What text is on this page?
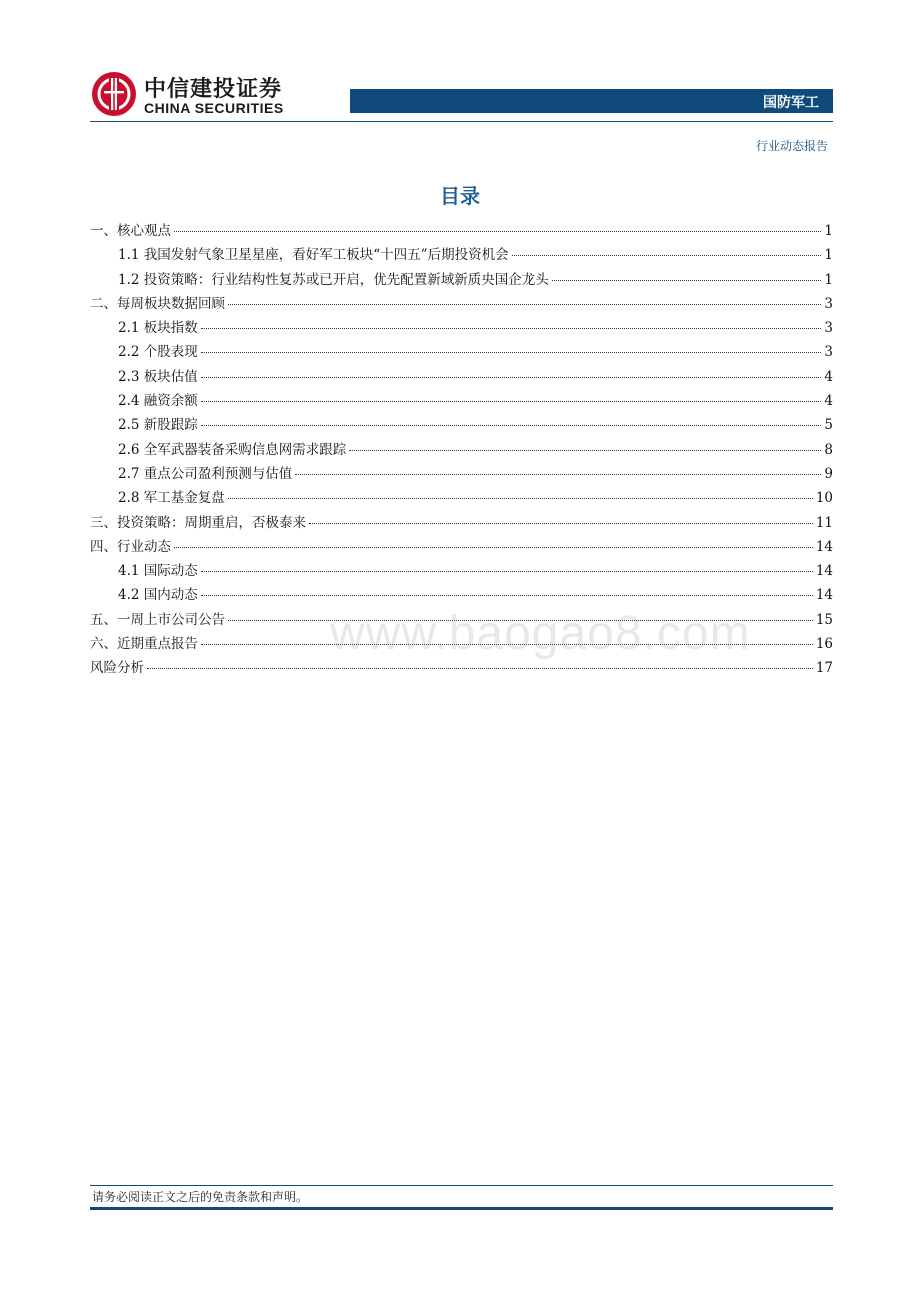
中信建投证券
CHINA SECURITIES	国防军工
行业动态报告
目录
一、核心观点	1
1.1 我国发射气象卫星星座，看好军工板块“十四五”后期投资机会	1
1.2 投资策略：行业结构性复苏或已开启，优先配置新域新质央国企龙头	1
二、每周板块数据回顾	3
2.1 板块指数	3
2.2 个股表现	3
2.3 板块估值	4
2.4 融资余额	4
2.5 新股跟踪	5
2.6 全军武器装备采购信息网需求跟踪	8
2.7 重点公司盈利预测与估值	9
2.8 军工基金复盘	10
三、投资策略：周期重启，否极泰来	11
四、行业动态	14
4.1 国际动态	14
4.2 国内动态	14
五、一周上市公司公告	15
六、近期重点报告	16
风险分析	17
www.baogao8.com
请务必阅读正文之后的免责条款和声明。
